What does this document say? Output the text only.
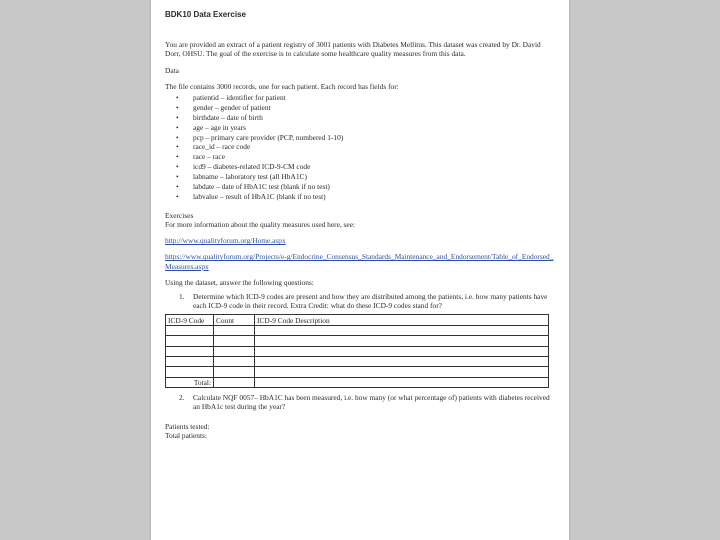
BDK10 Data Exercise

You are provided an extract of a patient registry of 3001 patients with Diabetes Mellitus. This dataset was created by Dr. David Dorr, OHSU. The goal of the exercise is to calculate some healthcare quality measures from this data.

Data

The file contains 3000 records, one for each patient. Each record has fields for:

• patientid – identifier for patient
• gender – gender of patient
• birthdate – date of birth
• age – age in years
• pcp – primary care provider (PCP, numbered 1-10)
• race_id – race code
• race – race
• icd9 – diabetes-related ICD-9-CM code
• labname – laboratory test (all HbA1C)
• labdate – date of HbA1C test (blank if no test)
• labvalue – result of HbA1C (blank if no test)

Exercises

For more information about the quality measures used here, see:

http://www.qualityforum.org/Home.aspx
https://www.qualityforum.org/Projects/e-g/Endocrine_Consensus_Standards_Maintenance_and_Endorsement/Table_of_Endorsed_Measures.aspx

Using the dataset, answer the following questions:

1. Determine which ICD-9 codes are present and how they are distributed among the patients, i.e. how many patients have each ICD-9 code in their record. Extra Credit: what do these ICD-9 codes stand for?
ICD-9 Code	Count	ICD-9 Code Description

Total:		
2. Calculate NQF 0057– HbA1C has been measured, i.e. how many (or what percentage of) patients with diabetes received an HbA1c test during the year?

Patients tested:

Total patients:
